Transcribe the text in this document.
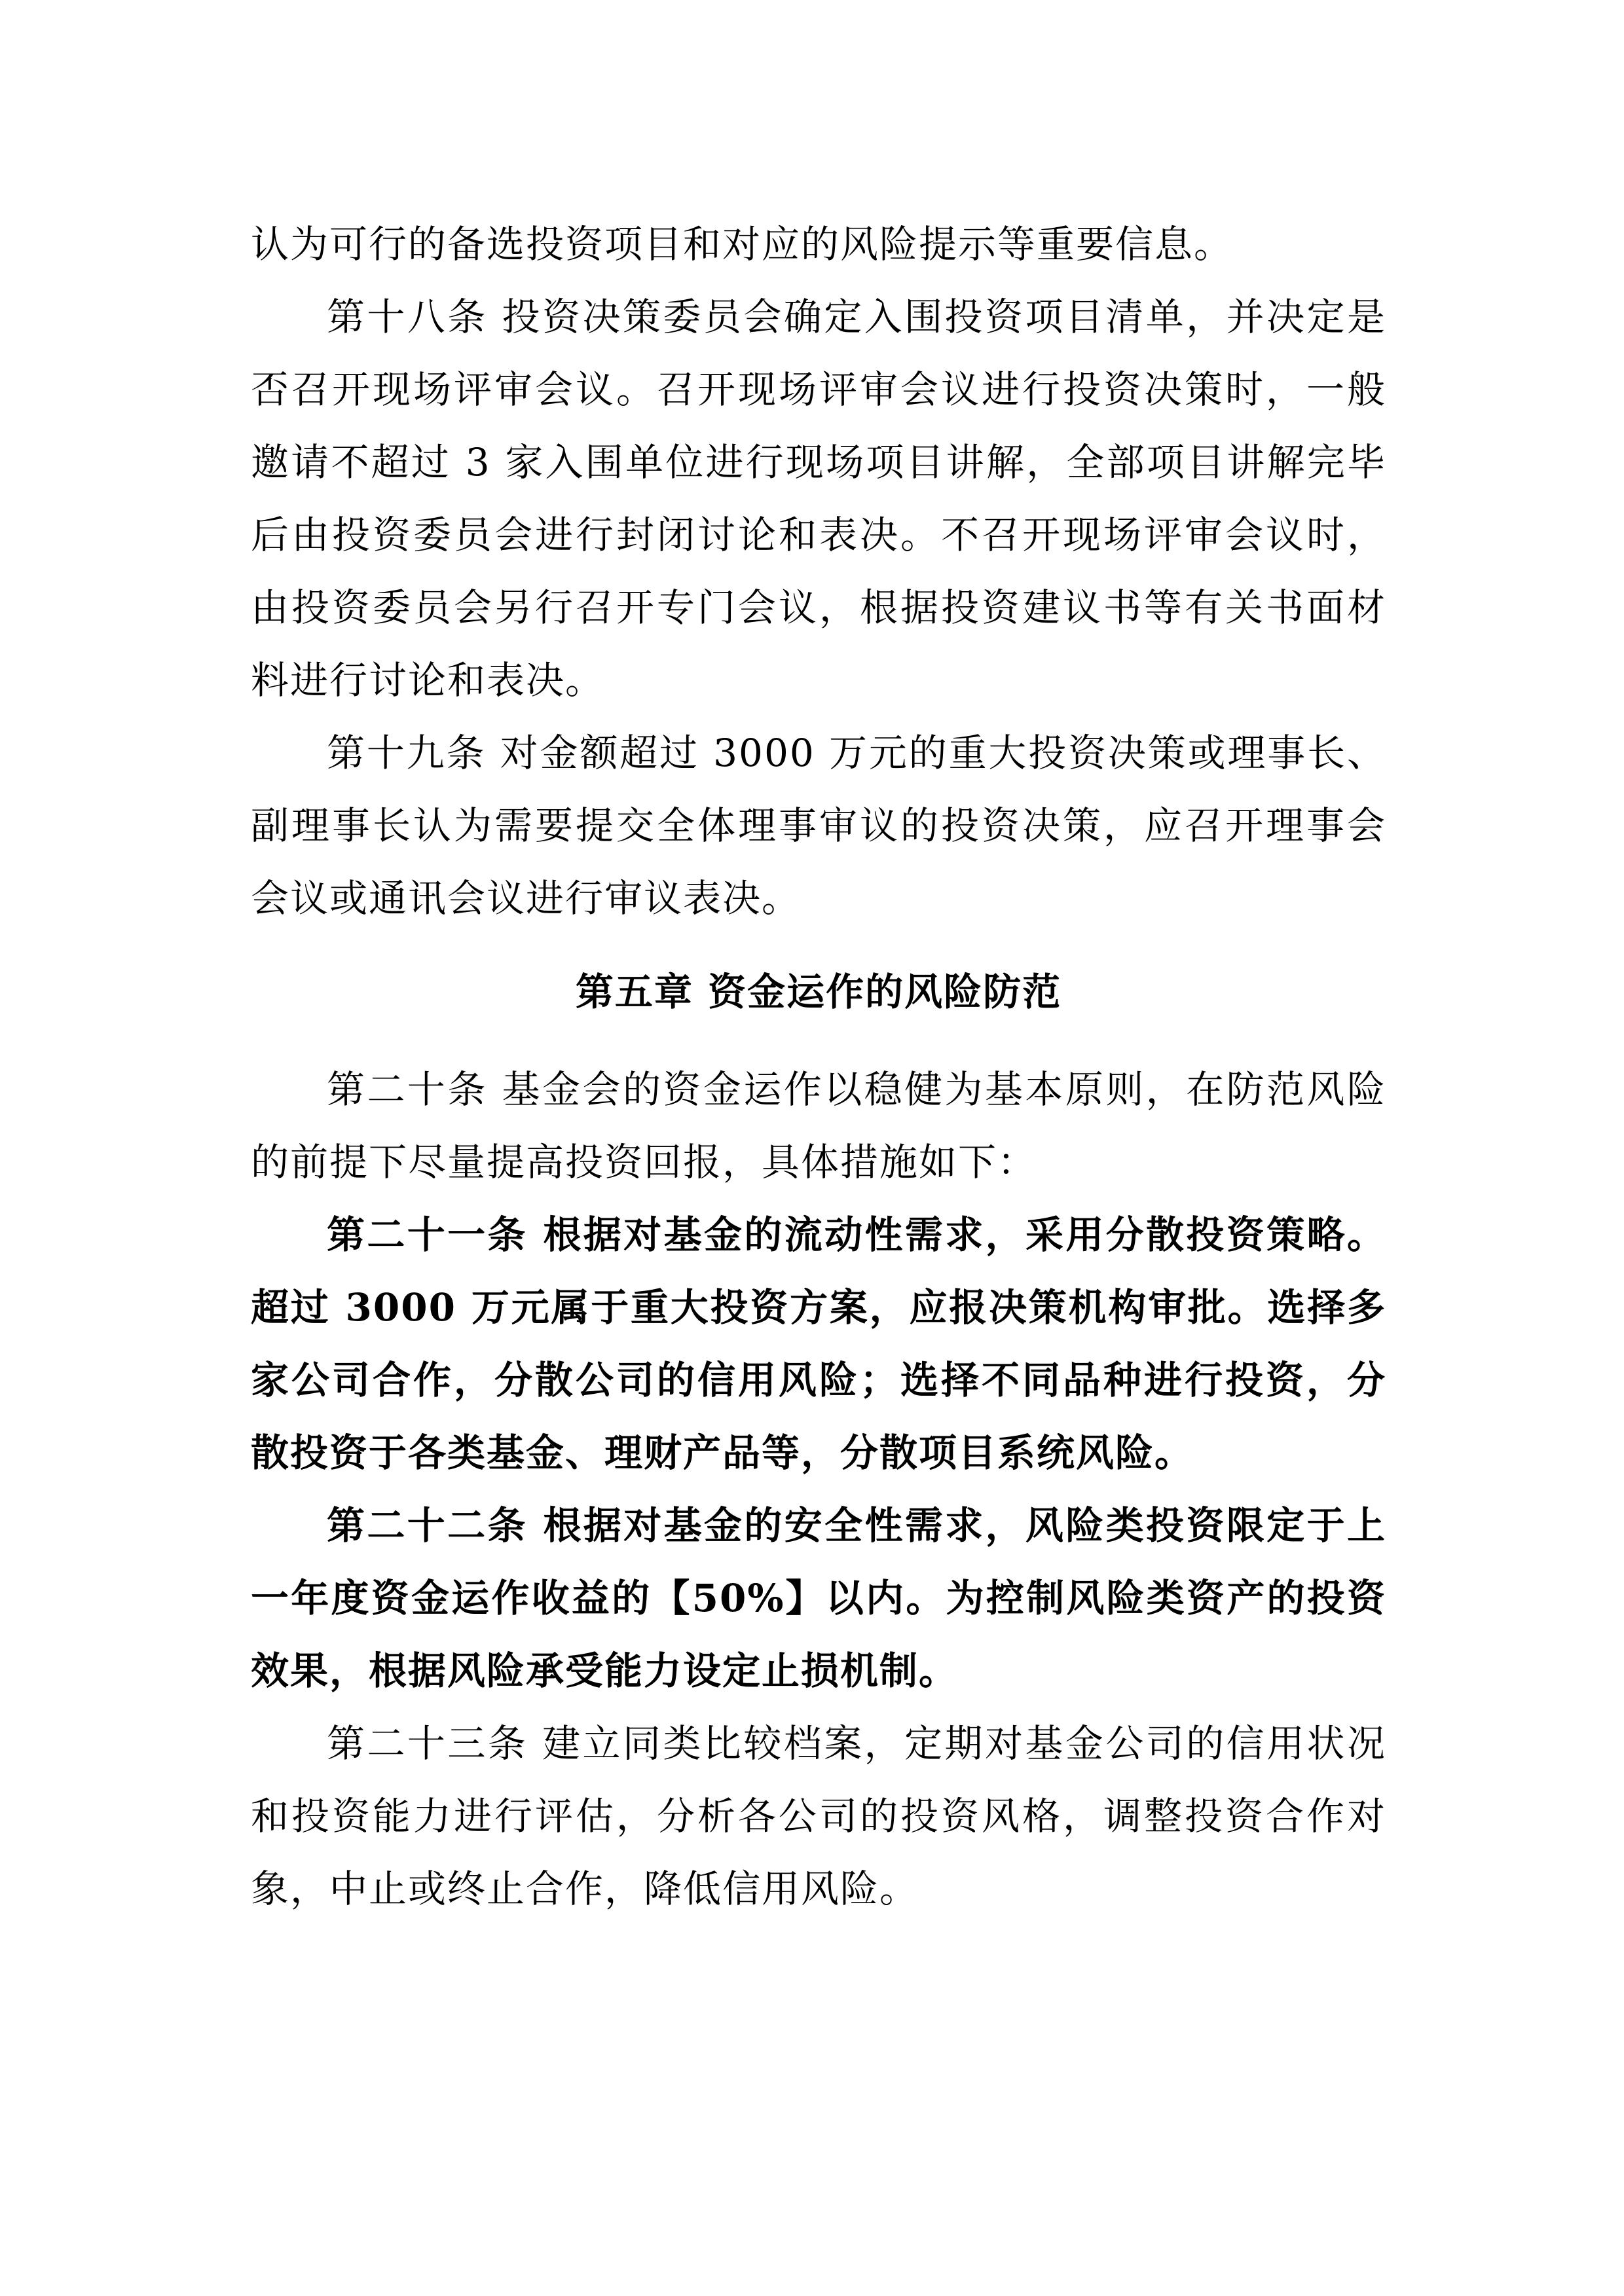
认为可行的备选投资项目和对应的风险提示等重要信息。

第十八条 投资决策委员会确定入围投资项目清单，并决定是否召开现场评审会议。召开现场评审会议进行投资决策时，一般邀请不超过 3 家入围单位进行现场项目讲解，全部项目讲解完毕后由投资委员会进行封闭讨论和表决。不召开现场评审会议时，由投资委员会另行召开专门会议，根据投资建议书等有关书面材料进行讨论和表决。

第十九条 对金额超过 3000 万元的重大投资决策或理事长、副理事长认为需要提交全体理事审议的投资决策，应召开理事会会议或通讯会议进行审议表决。

第五章 资金运作的风险防范

第二十条 基金会的资金运作以稳健为基本原则，在防范风险的前提下尽量提高投资回报，具体措施如下：

第二十一条 根据对基金的流动性需求，采用分散投资策略。超过 3000 万元属于重大投资方案，应报决策机构审批。选择多家公司合作，分散公司的信用风险；选择不同品种进行投资，分散投资于各类基金、理财产品等，分散项目系统风险。

第二十二条 根据对基金的安全性需求，风险类投资限定于上一年度资金运作收益的【50%】以内。为控制风险类资产的投资效果，根据风险承受能力设定止损机制。

第二十三条 建立同类比较档案，定期对基金公司的信用状况和投资能力进行评估，分析各公司的投资风格，调整投资合作对象，中止或终止合作，降低信用风险。
